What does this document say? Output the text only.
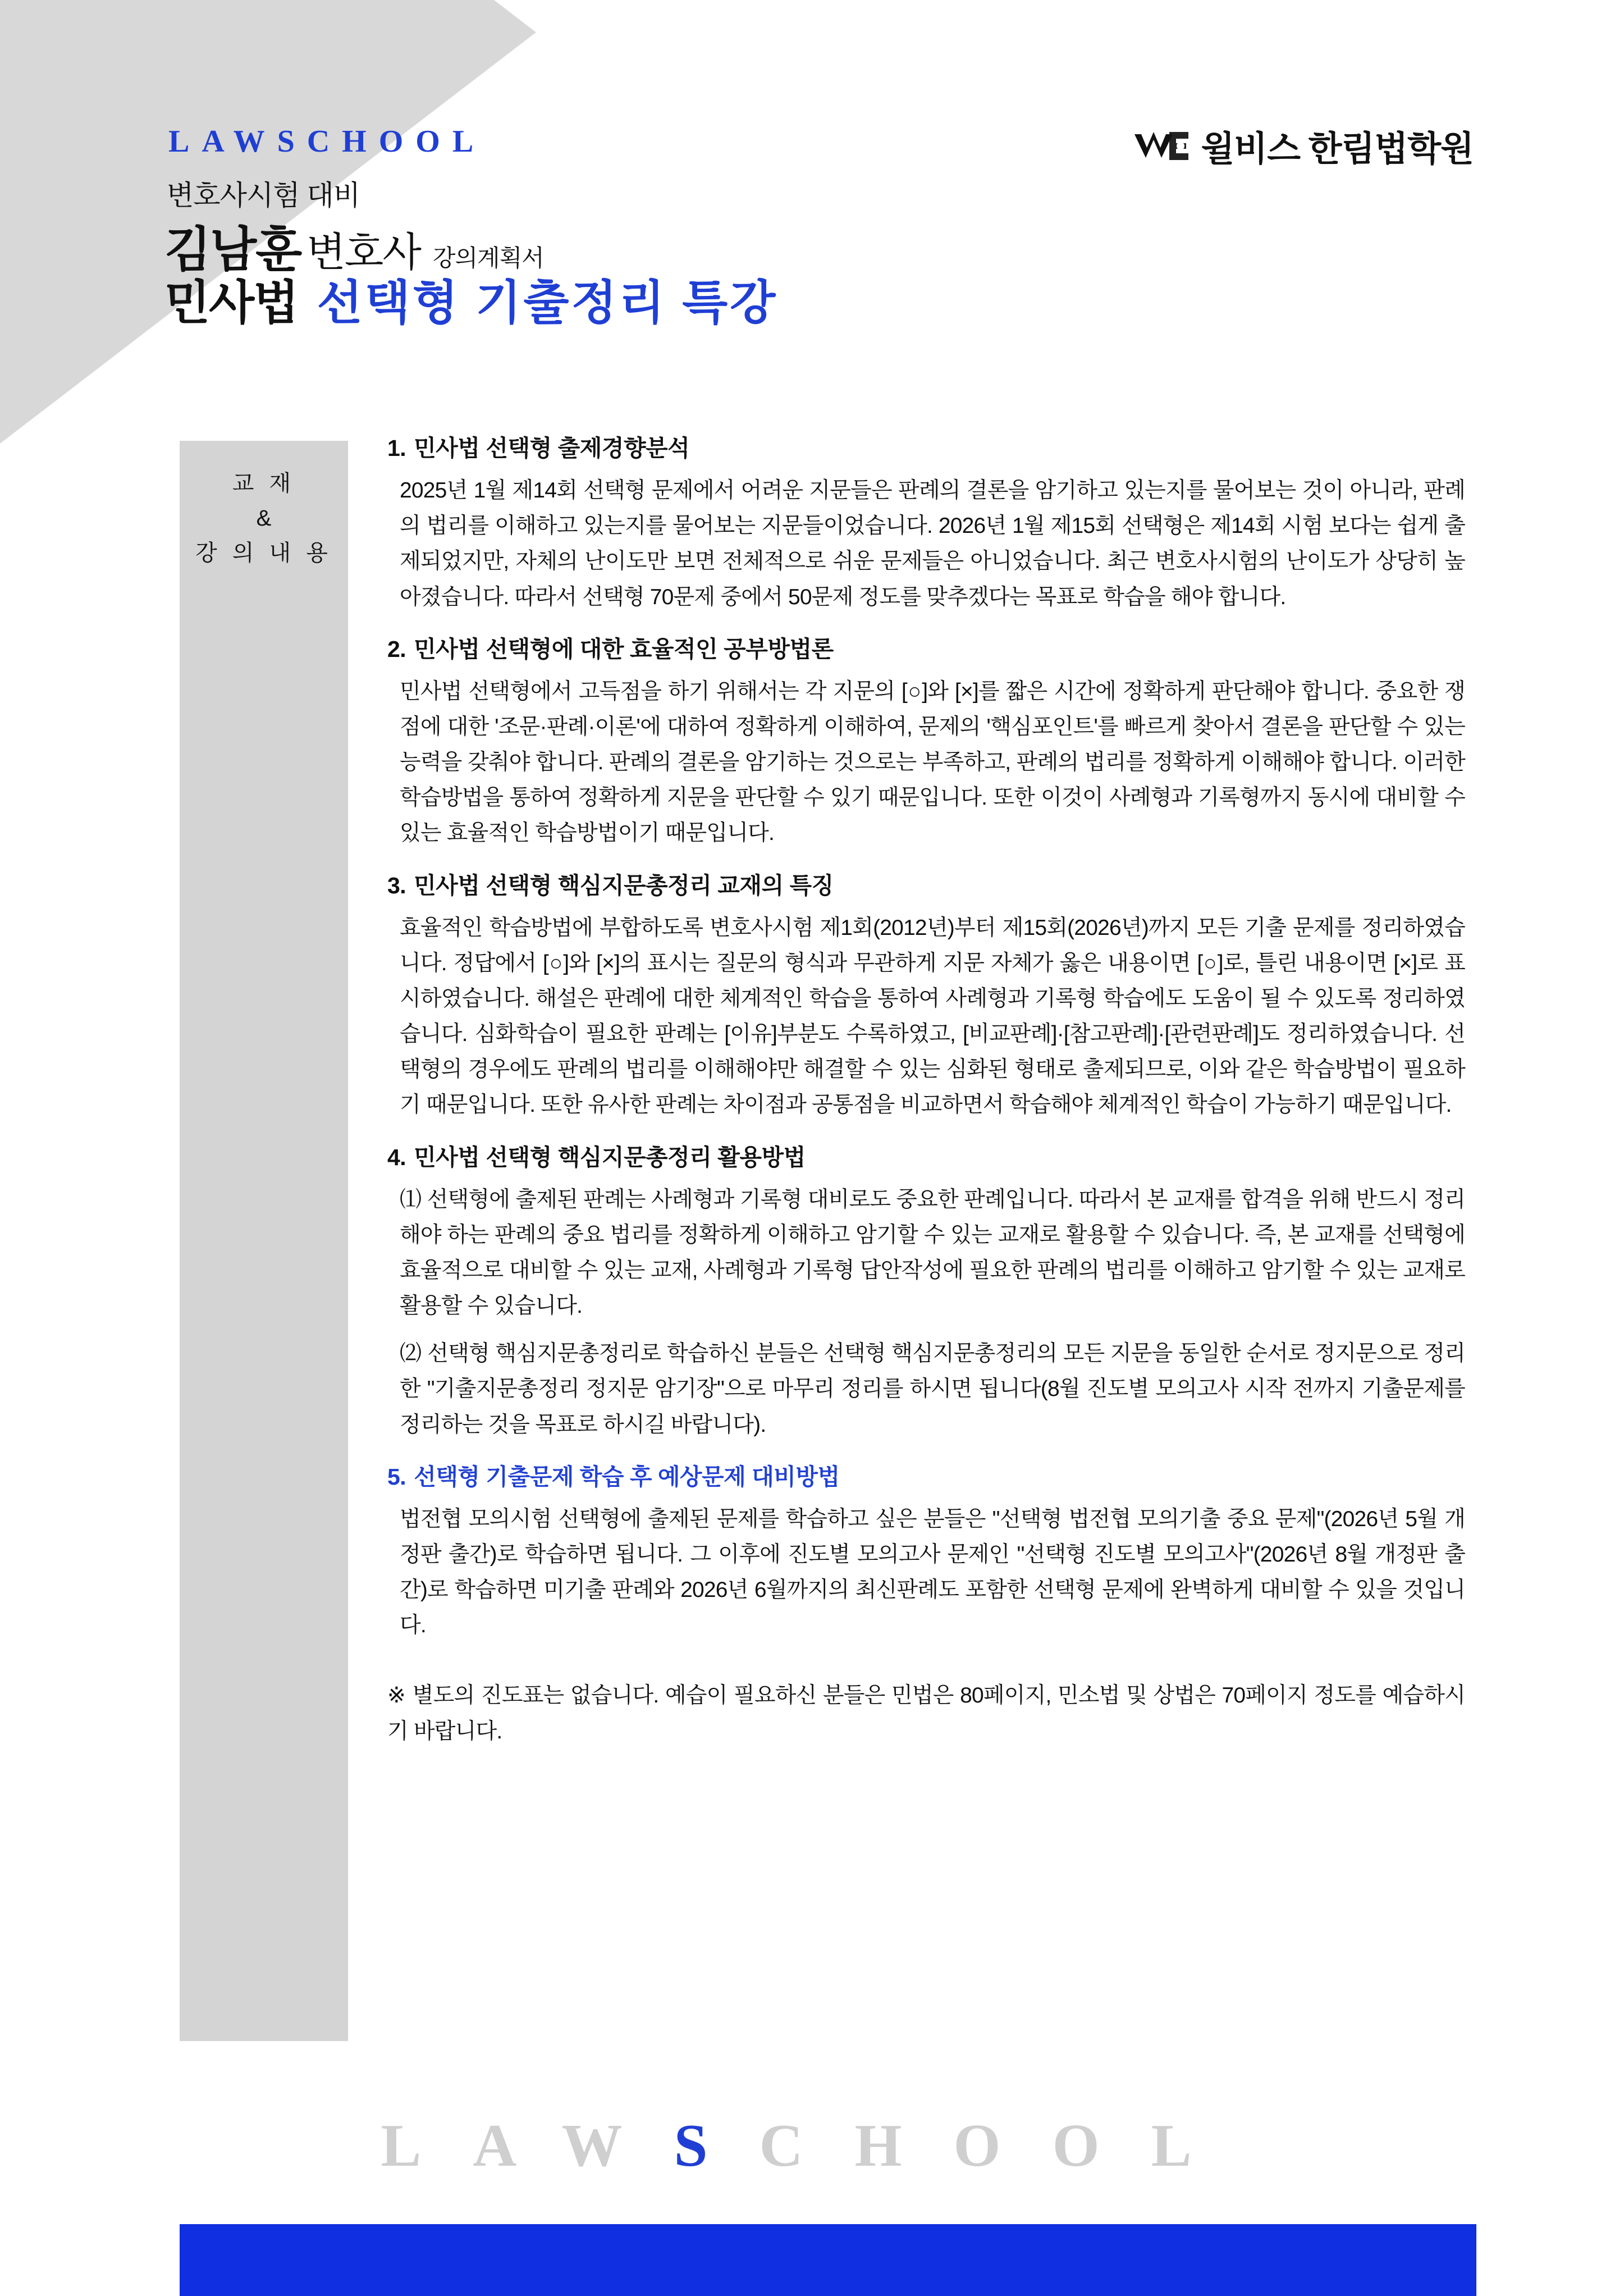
LAWSCHOOL
변호사시험 대비
김남훈 변호사 강의계획서
민사법 선택형 기출정리 특강
윌비스 한림법학원
교 재
&
강 의 내 용
1. 민사법 선택형 출제경향분석

2025년 1월 제14회 선택형 문제에서 어려운 지문들은 판례의 결론을 암기하고 있는지를 물어보는 것이 아니라, 판례의 법리를 이해하고 있는지를 물어보는 지문들이었습니다. 2026년 1월 제15회 선택형은 제14회 시험 보다는 쉽게 출제되었지만, 자체의 난이도만 보면 전체적으로 쉬운 문제들은 아니었습니다. 최근 변호사시험의 난이도가 상당히 높아졌습니다. 따라서 선택형 70문제 중에서 50문제 정도를 맞추겠다는 목표로 학습을 해야 합니다.

2. 민사법 선택형에 대한 효율적인 공부방법론

민사법 선택형에서 고득점을 하기 위해서는 각 지문의 [○]와 [×]를 짧은 시간에 정확하게 판단해야 합니다. 중요한 쟁점에 대한 '조문·판례·이론'에 대하여 정확하게 이해하여, 문제의 '핵심포인트'를 빠르게 찾아서 결론을 판단할 수 있는 능력을 갖춰야 합니다. 판례의 결론을 암기하는 것으로는 부족하고, 판례의 법리를 정확하게 이해해야 합니다. 이러한 학습방법을 통하여 정확하게 지문을 판단할 수 있기 때문입니다. 또한 이것이 사례형과 기록형까지 동시에 대비할 수 있는 효율적인 학습방법이기 때문입니다.

3. 민사법 선택형 핵심지문총정리 교재의 특징

효율적인 학습방법에 부합하도록 변호사시험 제1회(2012년)부터 제15회(2026년)까지 모든 기출 문제를 정리하였습니다. 정답에서 [○]와 [×]의 표시는 질문의 형식과 무관하게 지문 자체가 옳은 내용이면 [○]로, 틀린 내용이면 [×]로 표시하였습니다. 해설은 판례에 대한 체계적인 학습을 통하여 사례형과 기록형 학습에도 도움이 될 수 있도록 정리하였습니다. 심화학습이 필요한 판례는 [이유]부분도 수록하였고, [비교판례]·[참고판례]·[관련판례]도 정리하였습니다. 선택형의 경우에도 판례의 법리를 이해해야만 해결할 수 있는 심화된 형태로 출제되므로, 이와 같은 학습방법이 필요하기 때문입니다. 또한 유사한 판례는 차이점과 공통점을 비교하면서 학습해야 체계적인 학습이 가능하기 때문입니다.

4. 민사법 선택형 핵심지문총정리 활용방법

⑴ 선택형에 출제된 판례는 사례형과 기록형 대비로도 중요한 판례입니다. 따라서 본 교재를 합격을 위해 반드시 정리해야 하는 판례의 중요 법리를 정확하게 이해하고 암기할 수 있는 교재로 활용할 수 있습니다. 즉, 본 교재를 선택형에 효율적으로 대비할 수 있는 교재, 사례형과 기록형 답안작성에 필요한 판례의 법리를 이해하고 암기할 수 있는 교재로 활용할 수 있습니다.

⑵ 선택형 핵심지문총정리로 학습하신 분들은 선택형 핵심지문총정리의 모든 지문을 동일한 순서로 정지문으로 정리한 "기출지문총정리 정지문 암기장"으로 마무리 정리를 하시면 됩니다(8월 진도별 모의고사 시작 전까지 기출문제를 정리하는 것을 목표로 하시길 바랍니다).

5. 선택형 기출문제 학습 후 예상문제 대비방법

법전협 모의시험 선택형에 출제된 문제를 학습하고 싶은 분들은 "선택형 법전협 모의기출 중요 문제"(2026년 5월 개정판 출간)로 학습하면 됩니다. 그 이후에 진도별 모의고사 문제인 "선택형 진도별 모의고사"(2026년 8월 개정판 출간)로 학습하면 미기출 판례와 2026년 6월까지의 최신판례도 포함한 선택형 문제에 완벽하게 대비할 수 있을 것입니다.

※ 별도의 진도표는 없습니다. 예습이 필요하신 분들은 민법은 80페이지, 민소법 및 상법은 70페이지 정도를 예습하시기 바랍니다.

LAWSCHOOL
